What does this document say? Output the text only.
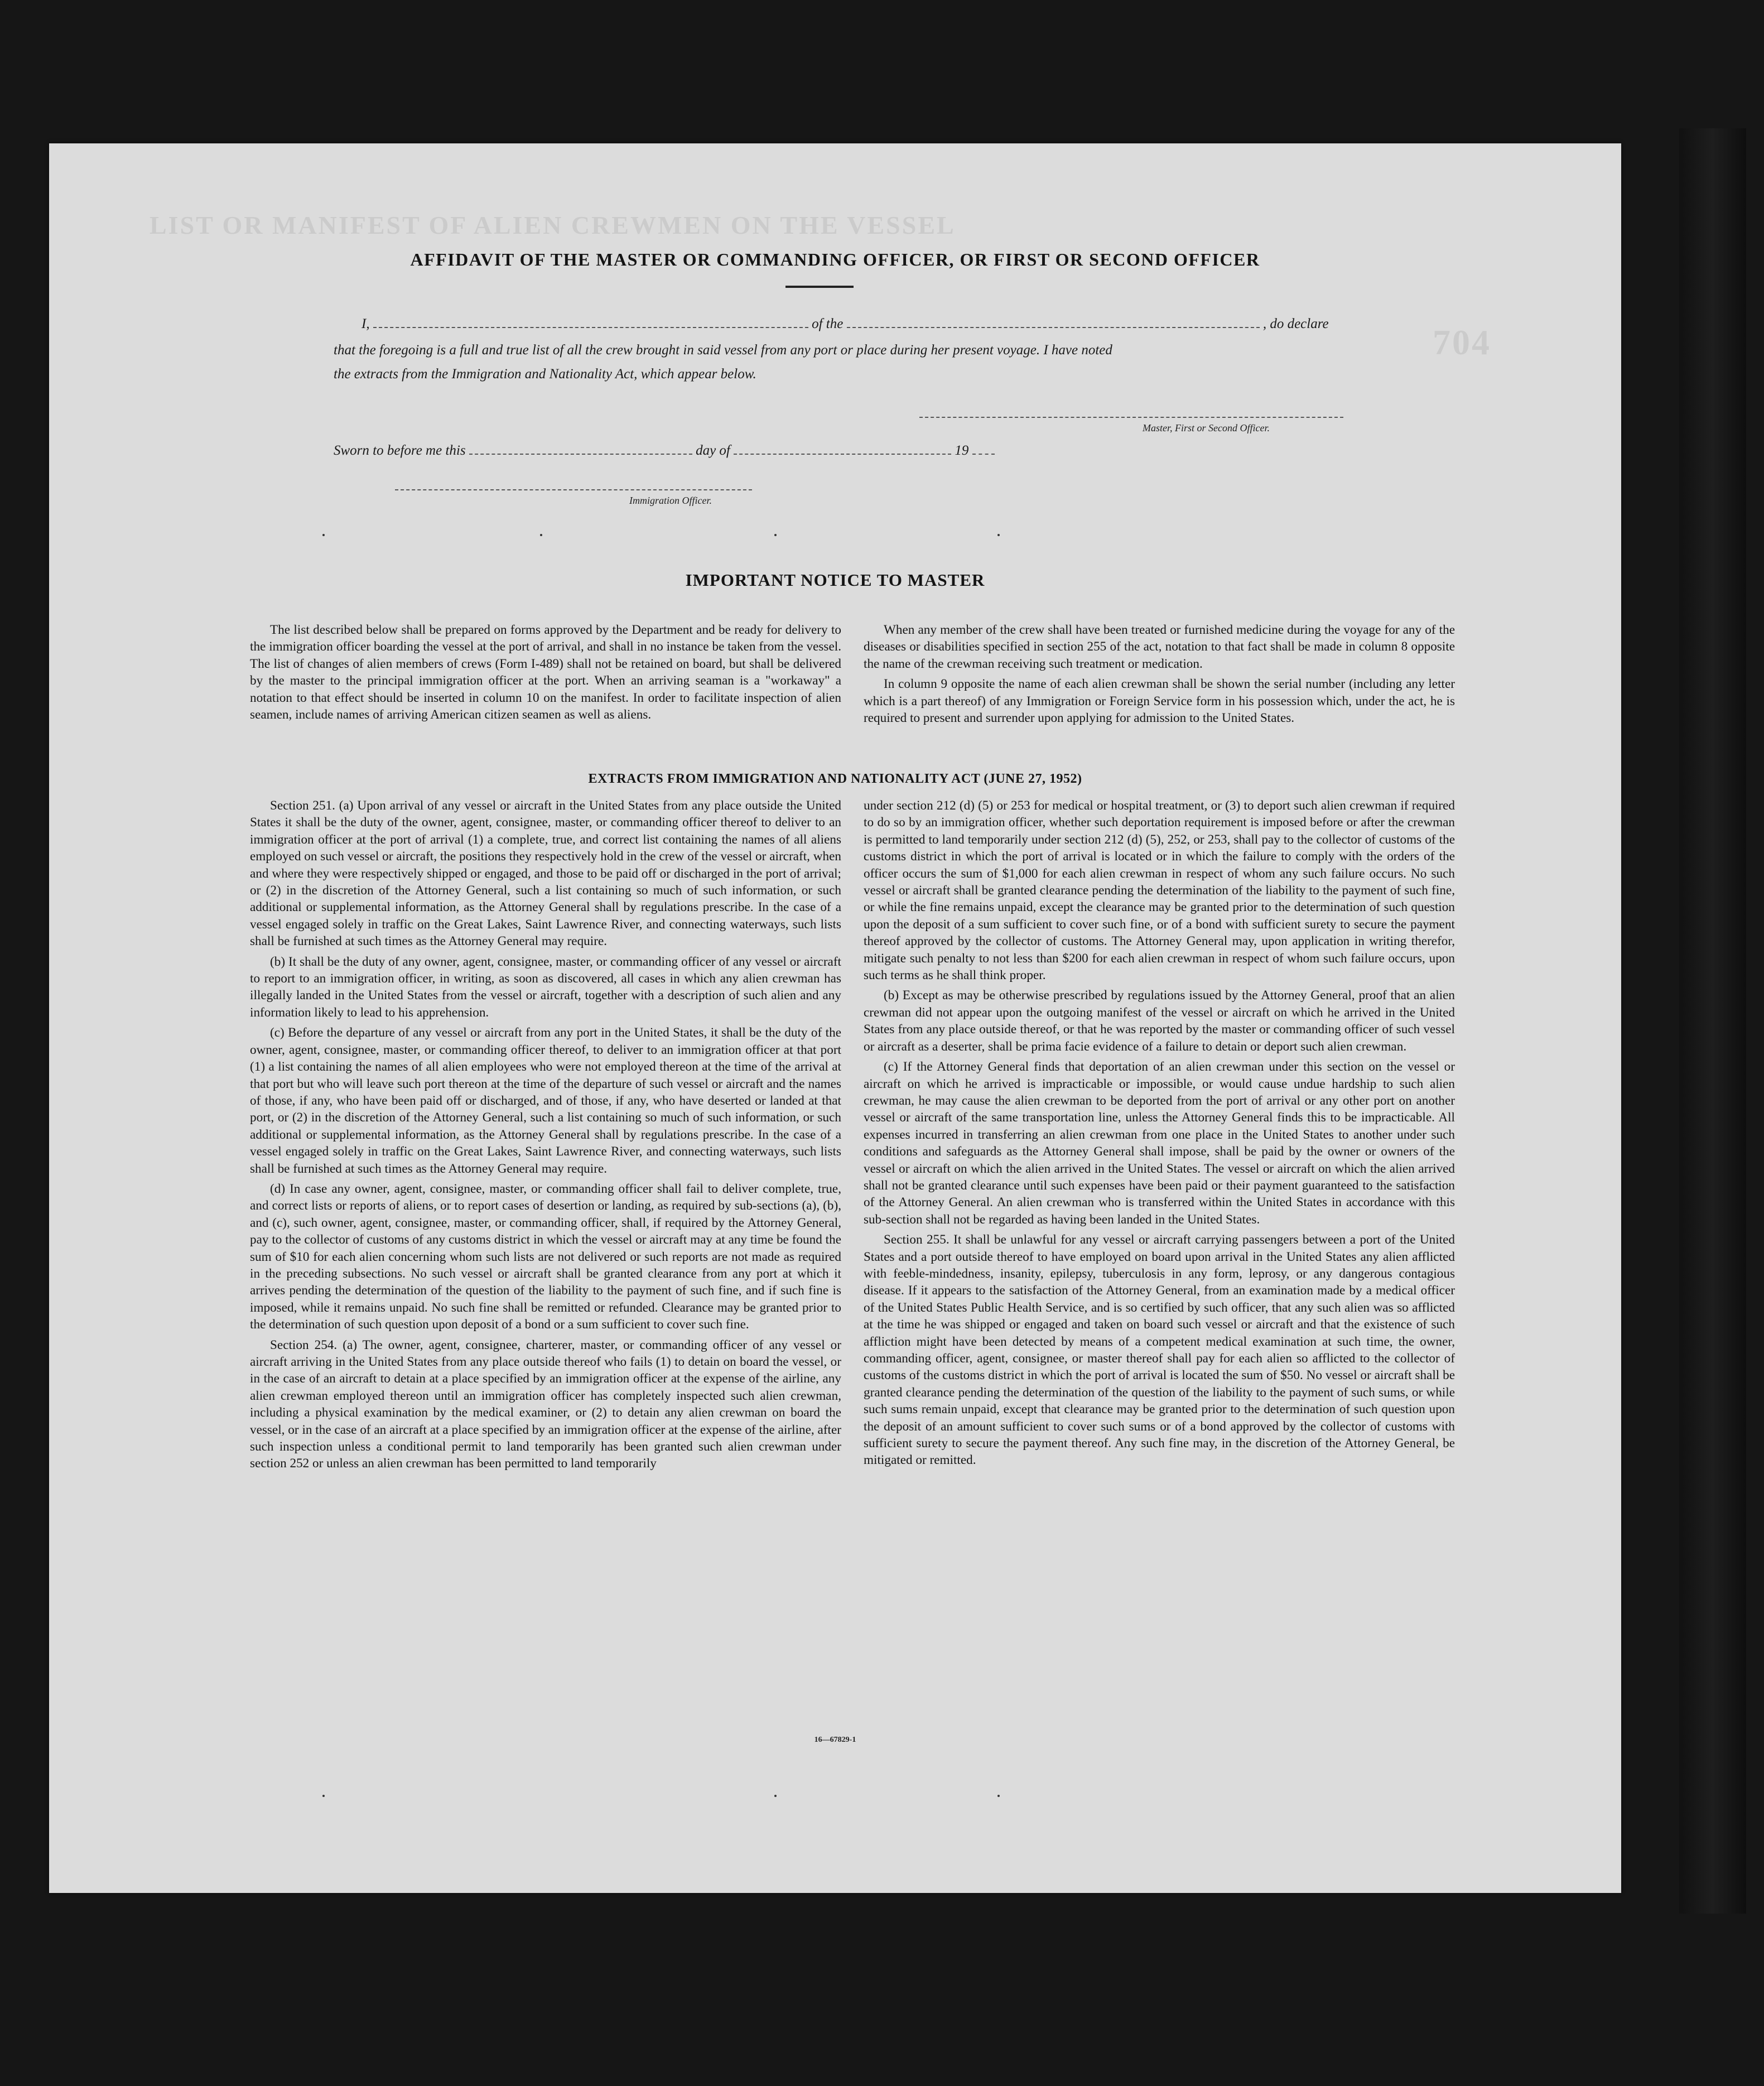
LIST OR MANIFEST OF ALIEN CREWMEN ON THE VESSEL
704
AFFIDAVIT OF THE MASTER OR COMMANDING OFFICER, OR FIRST OR SECOND OFFICER
I,	of the	, do declare
that the foregoing is a full and true list of all the crew brought in said vessel from any port or place during her present voyage. I have noted
the extracts from the Immigration and Nationality Act, which appear below.
Master, First or Second Officer.
Sworn to before me this	day of	19
Immigration Officer.
IMPORTANT NOTICE TO MASTER

The list described below shall be prepared on forms approved by the Department and be ready for delivery to the immigration officer boarding the vessel at the port of arrival, and shall in no instance be taken from the vessel. The list of changes of alien members of crews (Form I-489) shall not be retained on board, but shall be delivered by the master to the principal immigration officer at the port. When an arriving seaman is a "workaway" a notation to that effect should be inserted in column 10 on the manifest. In order to facilitate inspection of alien seamen, include names of arriving American citizen seamen as well as aliens.

When any member of the crew shall have been treated or furnished medicine during the voyage for any of the diseases or disabilities specified in section 255 of the act, notation to that fact shall be made in column 8 opposite the name of the crewman receiving such treatment or medication.

In column 9 opposite the name of each alien crewman shall be shown the serial number (including any letter which is a part thereof) of any Immigration or Foreign Service form in his possession which, under the act, he is required to present and surrender upon applying for admission to the United States.

EXTRACTS FROM IMMIGRATION AND NATIONALITY ACT (JUNE 27, 1952)

Section 251. (a) Upon arrival of any vessel or aircraft in the United States from any place outside the United States it shall be the duty of the owner, agent, consignee, master, or commanding officer thereof to deliver to an immigration officer at the port of arrival (1) a complete, true, and correct list containing the names of all aliens employed on such vessel or aircraft, the positions they respectively hold in the crew of the vessel or aircraft, when and where they were respectively shipped or engaged, and those to be paid off or discharged in the port of arrival; or (2) in the discretion of the Attorney General, such a list containing so much of such information, or such additional or supplemental information, as the Attorney General shall by regulations prescribe. In the case of a vessel engaged solely in traffic on the Great Lakes, Saint Lawrence River, and connecting waterways, such lists shall be furnished at such times as the Attorney General may require.

(b) It shall be the duty of any owner, agent, consignee, master, or commanding officer of any vessel or aircraft to report to an immigration officer, in writing, as soon as discovered, all cases in which any alien crewman has illegally landed in the United States from the vessel or aircraft, together with a description of such alien and any information likely to lead to his apprehension.

(c) Before the departure of any vessel or aircraft from any port in the United States, it shall be the duty of the owner, agent, consignee, master, or commanding officer thereof, to deliver to an immigration officer at that port (1) a list containing the names of all alien employees who were not employed thereon at the time of the arrival at that port but who will leave such port thereon at the time of the departure of such vessel or aircraft and the names of those, if any, who have been paid off or discharged, and of those, if any, who have deserted or landed at that port, or (2) in the discretion of the Attorney General, such a list containing so much of such information, or such additional or supplemental information, as the Attorney General shall by regulations prescribe. In the case of a vessel engaged solely in traffic on the Great Lakes, Saint Lawrence River, and connecting waterways, such lists shall be furnished at such times as the Attorney General may require.

(d) In case any owner, agent, consignee, master, or commanding officer shall fail to deliver complete, true, and correct lists or reports of aliens, or to report cases of desertion or landing, as required by sub-sections (a), (b), and (c), such owner, agent, consignee, master, or commanding officer, shall, if required by the Attorney General, pay to the collector of customs of any customs district in which the vessel or aircraft may at any time be found the sum of $10 for each alien concerning whom such lists are not delivered or such reports are not made as required in the preceding subsections. No such vessel or aircraft shall be granted clearance from any port at which it arrives pending the determination of the question of the liability to the payment of such fine, and if such fine is imposed, while it remains unpaid. No such fine shall be remitted or refunded. Clearance may be granted prior to the determination of such question upon deposit of a bond or a sum sufficient to cover such fine.

Section 254. (a) The owner, agent, consignee, charterer, master, or commanding officer of any vessel or aircraft arriving in the United States from any place outside thereof who fails (1) to detain on board the vessel, or in the case of an aircraft to detain at a place specified by an immigration officer at the expense of the airline, any alien crewman employed thereon until an immigration officer has completely inspected such alien crewman, including a physical examination by the medical examiner, or (2) to detain any alien crewman on board the vessel, or in the case of an aircraft at a place specified by an immigration officer at the expense of the airline, after such inspection unless a conditional permit to land temporarily has been granted such alien crewman under section 252 or unless an alien crewman has been permitted to land temporarily

under section 212 (d) (5) or 253 for medical or hospital treatment, or (3) to deport such alien crewman if required to do so by an immigration officer, whether such deportation requirement is imposed before or after the crewman is permitted to land temporarily under section 212 (d) (5), 252, or 253, shall pay to the collector of customs of the customs district in which the port of arrival is located or in which the failure to comply with the orders of the officer occurs the sum of $1,000 for each alien crewman in respect of whom any such failure occurs. No such vessel or aircraft shall be granted clearance pending the determination of the liability to the payment of such fine, or while the fine remains unpaid, except the clearance may be granted prior to the determination of such question upon the deposit of a sum sufficient to cover such fine, or of a bond with sufficient surety to secure the payment thereof approved by the collector of customs. The Attorney General may, upon application in writing therefor, mitigate such penalty to not less than $200 for each alien crewman in respect of whom such failure occurs, upon such terms as he shall think proper.

(b) Except as may be otherwise prescribed by regulations issued by the Attorney General, proof that an alien crewman did not appear upon the outgoing manifest of the vessel or aircraft on which he arrived in the United States from any place outside thereof, or that he was reported by the master or commanding officer of such vessel or aircraft as a deserter, shall be prima facie evidence of a failure to detain or deport such alien crewman.

(c) If the Attorney General finds that deportation of an alien crewman under this section on the vessel or aircraft on which he arrived is impracticable or impossible, or would cause undue hardship to such alien crewman, he may cause the alien crewman to be deported from the port of arrival or any other port on another vessel or aircraft of the same transportation line, unless the Attorney General finds this to be impracticable. All expenses incurred in transferring an alien crewman from one place in the United States to another under such conditions and safeguards as the Attorney General shall impose, shall be paid by the owner or owners of the vessel or aircraft on which the alien arrived in the United States. The vessel or aircraft on which the alien arrived shall not be granted clearance until such expenses have been paid or their payment guaranteed to the satisfaction of the Attorney General. An alien crewman who is transferred within the United States in accordance with this sub-section shall not be regarded as having been landed in the United States.

Section 255. It shall be unlawful for any vessel or aircraft carrying passengers between a port of the United States and a port outside thereof to have employed on board upon arrival in the United States any alien afflicted with feeble-mindedness, insanity, epilepsy, tuberculosis in any form, leprosy, or any dangerous contagious disease. If it appears to the satisfaction of the Attorney General, from an examination made by a medical officer of the United States Public Health Service, and is so certified by such officer, that any such alien was so afflicted at the time he was shipped or engaged and taken on board such vessel or aircraft and that the existence of such affliction might have been detected by means of a competent medical examination at such time, the owner, commanding officer, agent, consignee, or master thereof shall pay for each alien so afflicted to the collector of customs of the customs district in which the port of arrival is located the sum of $50. No vessel or aircraft shall be granted clearance pending the determination of the question of the liability to the payment of such sums, or while such sums remain unpaid, except that clearance may be granted prior to the determination of such question upon the deposit of an amount sufficient to cover such sums or of a bond approved by the collector of customs with sufficient surety to secure the payment thereof. Any such fine may, in the discretion of the Attorney General, be mitigated or remitted.

16—67829-1
